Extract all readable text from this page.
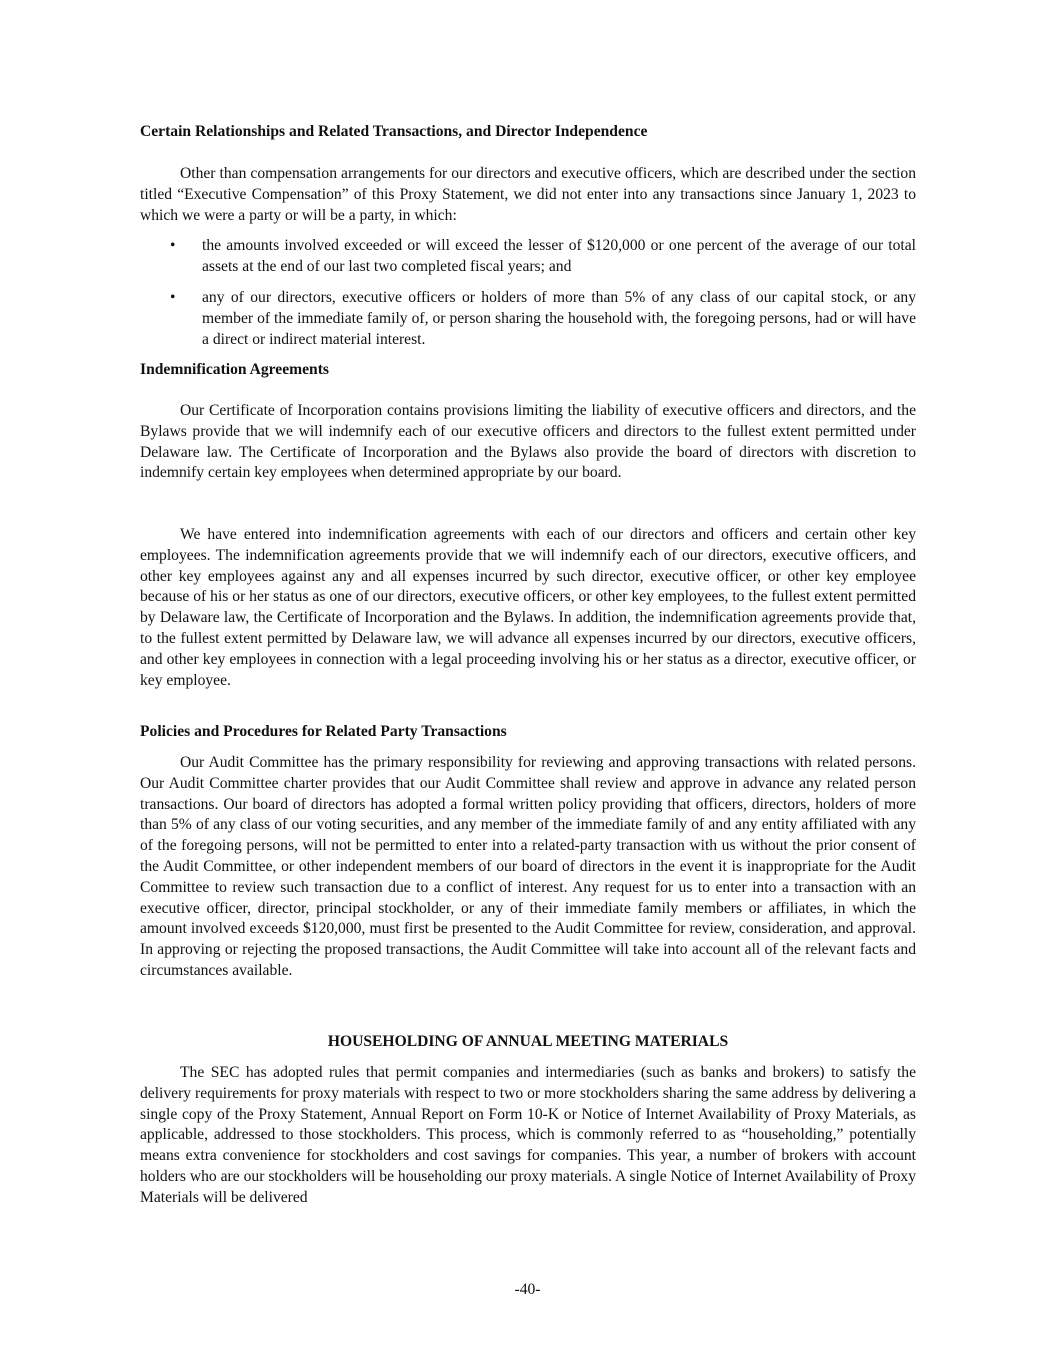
Certain Relationships and Related Transactions, and Director Independence

Other than compensation arrangements for our directors and executive officers, which are described under the section titled “Executive Compensation” of this Proxy Statement, we did not enter into any transactions since January 1, 2023 to which we were a party or will be a party, in which:

• the amounts involved exceeded or will exceed the lesser of $120,000 or one percent of the average of our total assets at the end of our last two completed fiscal years; and
• any of our directors, executive officers or holders of more than 5% of any class of our capital stock, or any member of the immediate family of, or person sharing the household with, the foregoing persons, had or will have a direct or indirect material interest.
Indemnification Agreements

Our Certificate of Incorporation contains provisions limiting the liability of executive officers and directors, and the Bylaws provide that we will indemnify each of our executive officers and directors to the fullest extent permitted under Delaware law. The Certificate of Incorporation and the Bylaws also provide the board of directors with discretion to indemnify certain key employees when determined appropriate by our board.

We have entered into indemnification agreements with each of our directors and officers and certain other key employees. The indemnification agreements provide that we will indemnify each of our directors, executive officers, and other key employees against any and all expenses incurred by such director, executive officer, or other key employee because of his or her status as one of our directors, executive officers, or other key employees, to the fullest extent permitted by Delaware law, the Certificate of Incorporation and the Bylaws. In addition, the indemnification agreements provide that, to the fullest extent permitted by Delaware law, we will advance all expenses incurred by our directors, executive officers, and other key employees in connection with a legal proceeding involving his or her status as a director, executive officer, or key employee.

Policies and Procedures for Related Party Transactions

Our Audit Committee has the primary responsibility for reviewing and approving transactions with related persons. Our Audit Committee charter provides that our Audit Committee shall review and approve in advance any related person transactions. Our board of directors has adopted a formal written policy providing that officers, directors, holders of more than 5% of any class of our voting securities, and any member of the immediate family of and any entity affiliated with any of the foregoing persons, will not be permitted to enter into a related-party transaction with us without the prior consent of the Audit Committee, or other independent members of our board of directors in the event it is inappropriate for the Audit Committee to review such transaction due to a conflict of interest. Any request for us to enter into a transaction with an executive officer, director, principal stockholder, or any of their immediate family members or affiliates, in which the amount involved exceeds $120,000, must first be presented to the Audit Committee for review, consideration, and approval. In approving or rejecting the proposed transactions, the Audit Committee will take into account all of the relevant facts and circumstances available.

HOUSEHOLDING OF ANNUAL MEETING MATERIALS

The SEC has adopted rules that permit companies and intermediaries (such as banks and brokers) to satisfy the delivery requirements for proxy materials with respect to two or more stockholders sharing the same address by delivering a single copy of the Proxy Statement, Annual Report on Form 10-K or Notice of Internet Availability of Proxy Materials, as applicable, addressed to those stockholders. This process, which is commonly referred to as “householding,” potentially means extra convenience for stockholders and cost savings for companies. This year, a number of brokers with account holders who are our stockholders will be householding our proxy materials. A single Notice of Internet Availability of Proxy Materials will be delivered

-40-
